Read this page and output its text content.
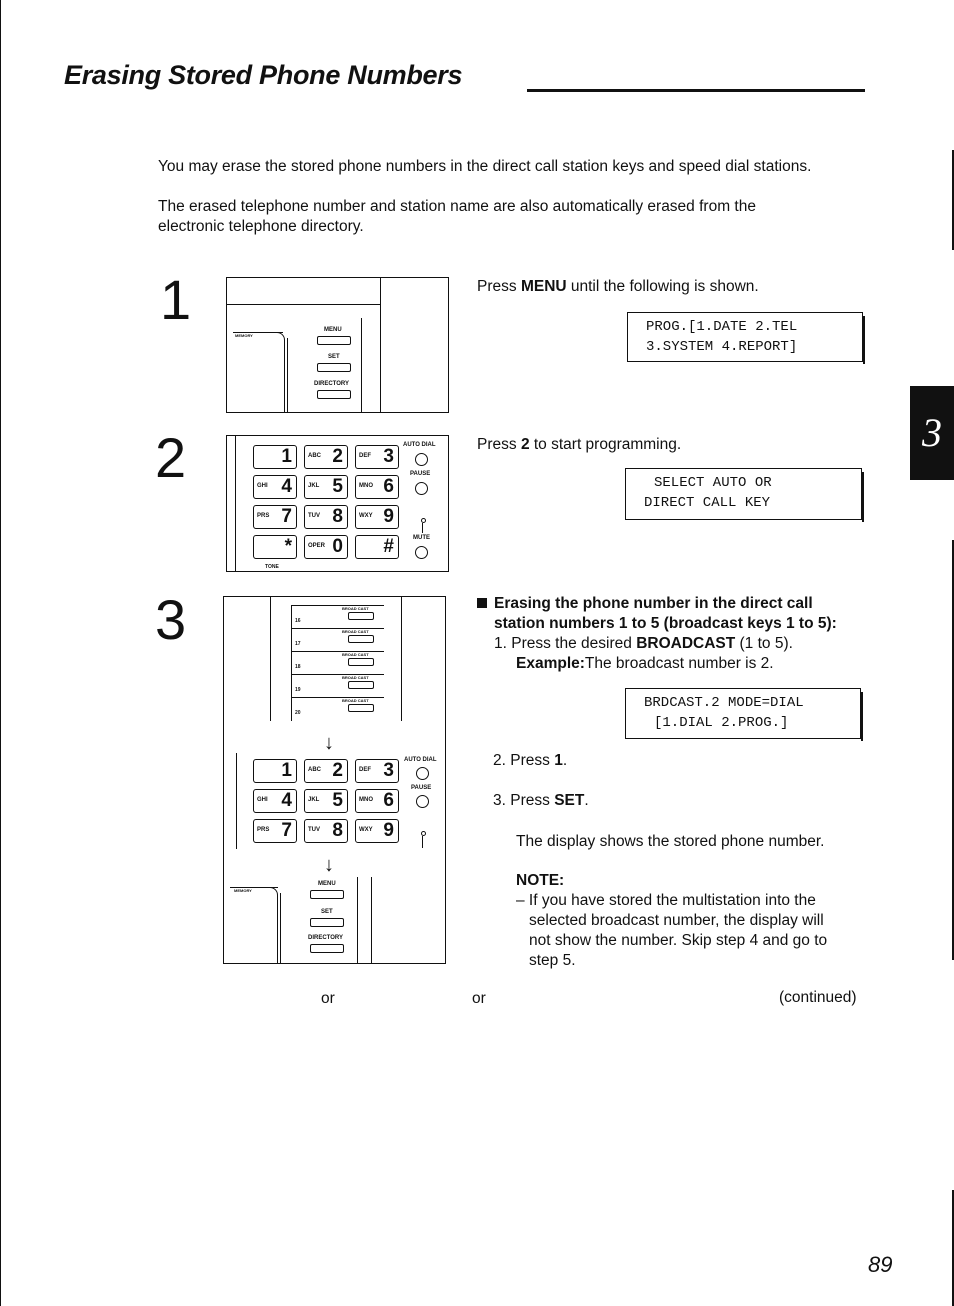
Erasing Stored Phone Numbers
You may erase the stored phone numbers in the direct call station keys and speed dial stations.
The erased telephone number and station name are also automatically erased from the
electronic telephone directory.
3
1
MEMORY
MENU
SET
DIRECTORY
Press MENU until the following is shown.
PROG.[1.DATE 2.TEL
3.SYSTEM 4.REPORT]
2	AUTO DIAL
PAUSE
MUTE
TONE
1	ABC 2	DEF 3
GHI 4	JKL 5	MNO 6
PRS 7	TUV 8	WXY 9
*	OPER 0 #
Press 2 to start programming.
SELECT AUTO OR
DIRECT CALL KEY
3	BROAD CAST
16
BROAD CAST
17
BROAD CAST
18
BROAD CAST
19
BROAD CAST
20
↓
AUTO DIAL
PAUSE
↓
MEMORY
MENU
SET
DIRECTORY
1	ABC 2	DEF 3
GHI 4	JKL 5	MNO 6
PRS 7	TUV 8	WXY 9
Erasing the phone number in the direct call
station numbers 1 to 5 (broadcast keys 1 to 5):
1. Press the desired BROADCAST (1 to 5).
Example:The broadcast number is 2.
BRDCAST.2 MODE=DIAL
[1.DIAL 2.PROG.]
2. Press 1.
3. Press SET.
The display shows the stored phone number.
NOTE:
– If you have stored the multistation into the
selected broadcast number, the display will
not show the number. Skip step 4 and go to
step 5.
or	or	(continued)
89
